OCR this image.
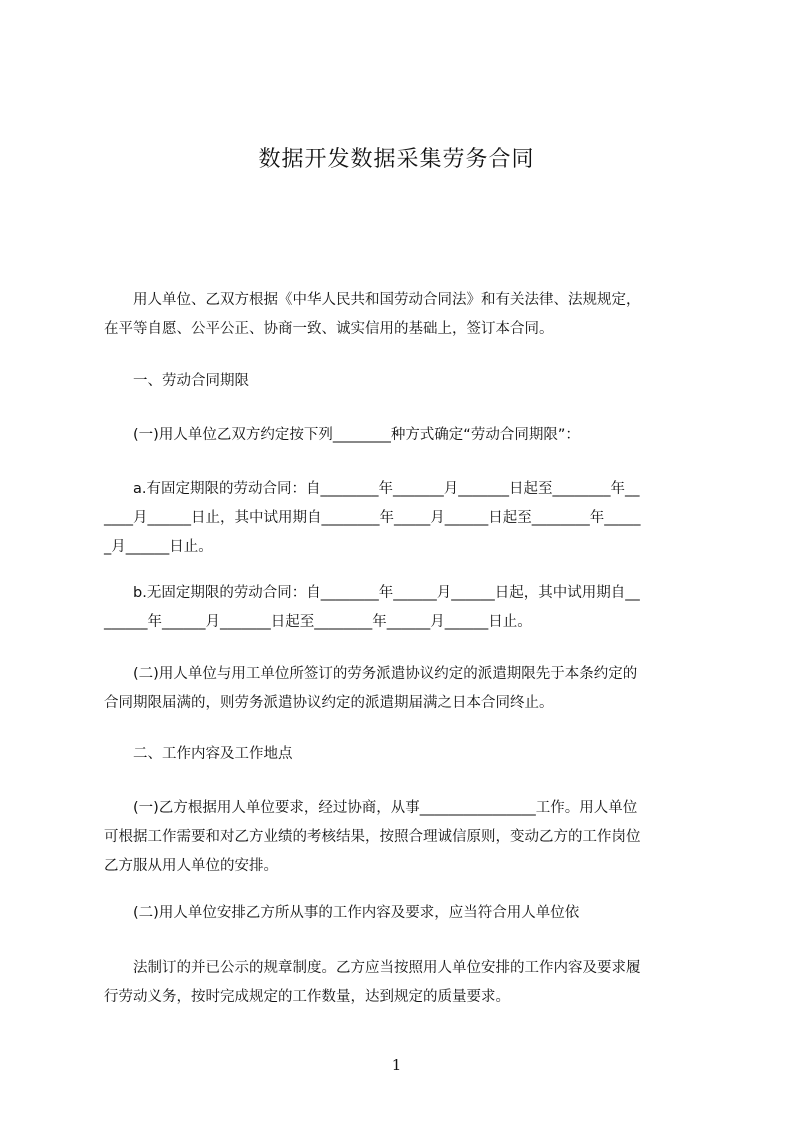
数据开发数据采集劳务合同
　　用人单位、乙双方根据《中华人民共和国劳动合同法》和有关法律、法规规定，
在平等自愿、公平公正、协商一致、诚实信用的基础上，签订本合同。
　　一、劳动合同期限
　　(一)用人单位乙双方约定按下列________种方式确定“劳动合同期限”：
　　a.有固定期限的劳动合同：自________年_______月_______日起至________年__
____月______日止，其中试用期自________年_____月______日起至________年_____
_月______日止。
　　b.无固定期限的劳动合同：自________年______月______日起，其中试用期自__
______年______月_______日起至________年______月______日止。
　　(二)用人单位与用工单位所签订的劳务派遣协议约定的派遣期限先于本条约定的
合同期限届满的，则劳务派遣协议约定的派遣期届满之日本合同终止。
　　二、工作内容及工作地点
　　(一)乙方根据用人单位要求，经过协商，从事________________工作。用人单位
可根据工作需要和对乙方业绩的考核结果，按照合理诚信原则，变动乙方的工作岗位
乙方服从用人单位的安排。
　　(二)用人单位安排乙方所从事的工作内容及要求，应当符合用人单位依
　　法制订的并已公示的规章制度。乙方应当按照用人单位安排的工作内容及要求履
行劳动义务，按时完成规定的工作数量，达到规定的质量要求。
1
